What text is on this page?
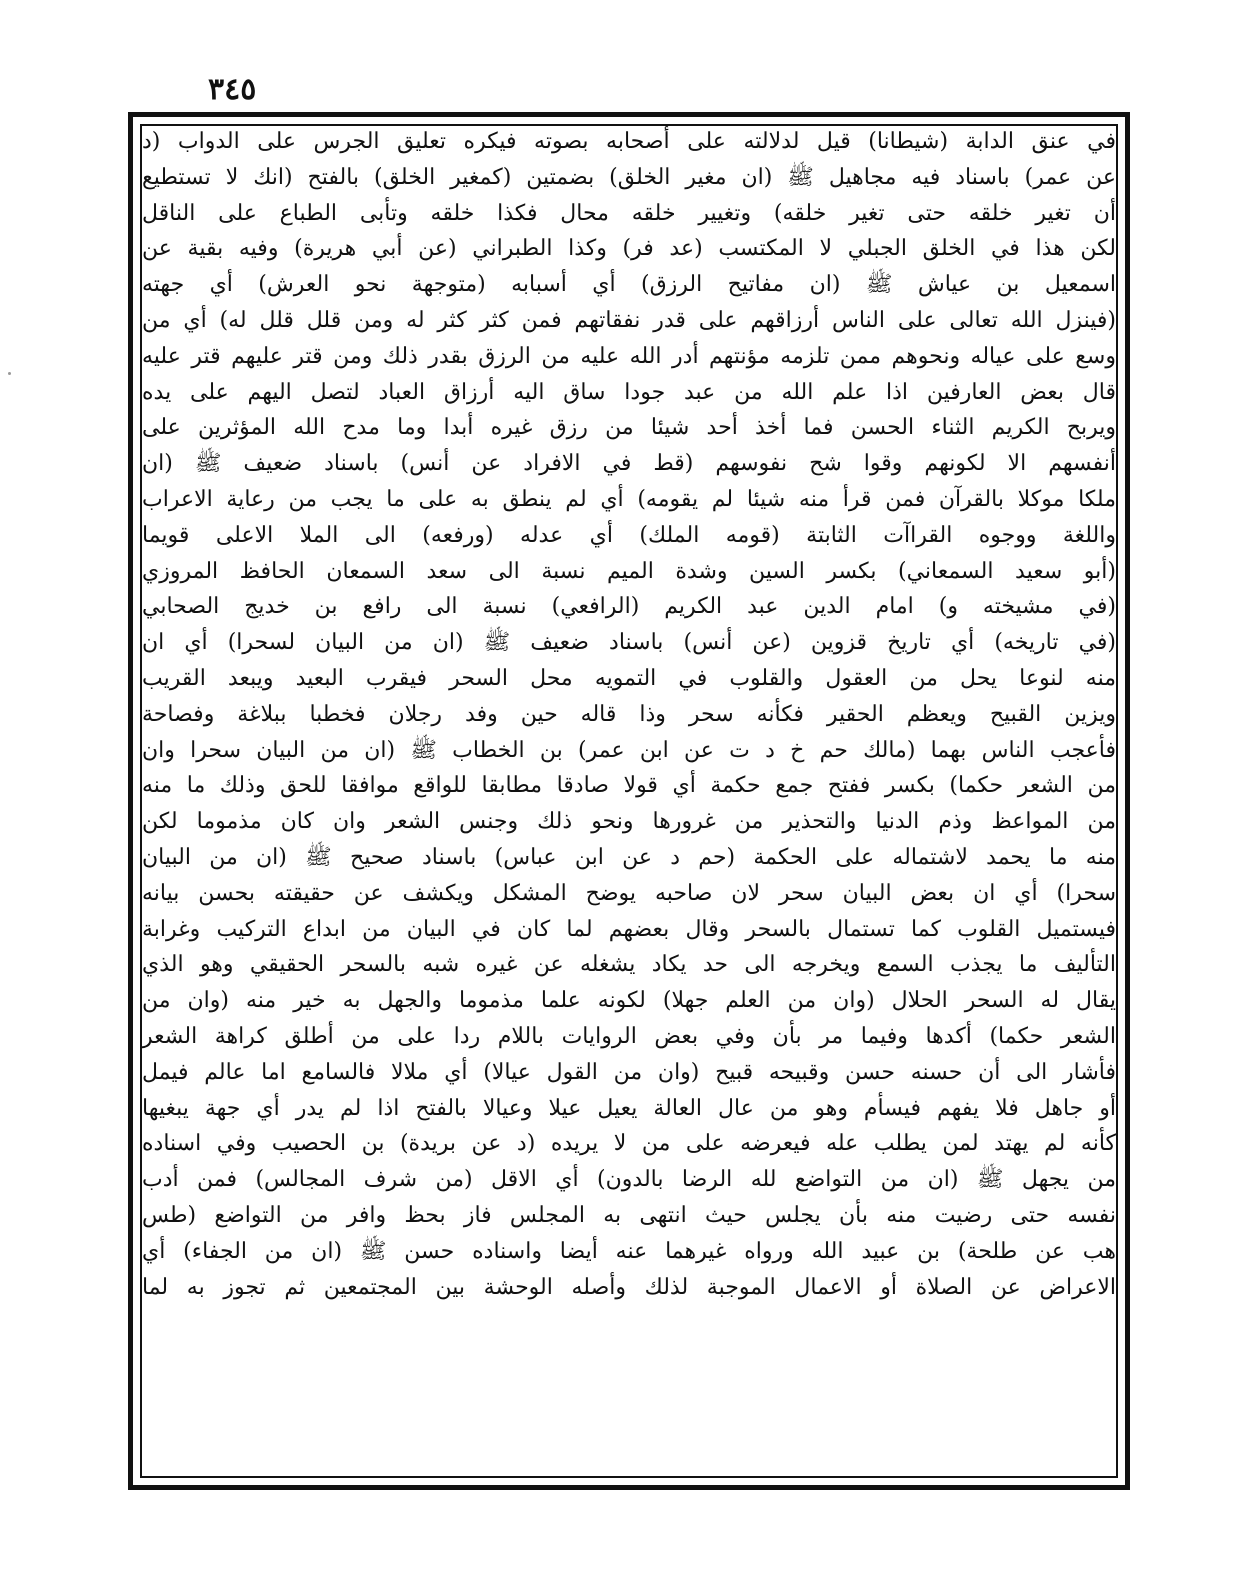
٣٤٥
في عنق الدابة (شيطانا) قيل لدلالته على أصحابه بصوته فيكره تعليق الجرس على الدواب (د
عن عمر) باسناد فيه مجاهيل ﷺ (ان مغير الخلق) بضمتين (كمغير الخلق) بالفتح (انك لا تستطيع
أن تغير خلقه حتى تغير خلقه) وتغيير خلقه محال فكذا خلقه وتأبى الطباع على الناقل
لكن هذا في الخلق الجبلي لا المكتسب (عد فر) وكذا الطبراني (عن أبي هريرة) وفيه بقية عن
اسمعيل بن عياش ﷺ (ان مفاتيح الرزق) أي أسبابه (متوجهة نحو العرش) أي جهته
(فينزل الله تعالى على الناس أرزاقهم على قدر نفقاتهم فمن كثر كثر له ومن قلل قلل له) أي من
وسع على عياله ونحوهم ممن تلزمه مؤنتهم أدر الله عليه من الرزق بقدر ذلك ومن قتر عليهم قتر عليه
قال بعض العارفين اذا علم الله من عبد جودا ساق اليه أرزاق العباد لتصل اليهم على يده
ويربح الكريم الثناء الحسن فما أخذ أحد شيئا من رزق غيره أبدا وما مدح الله المؤثرين على
أنفسهم الا لكونهم وقوا شح نفوسهم (قط في الافراد عن أنس) باسناد ضعيف ﷺ (ان
ملكا موكلا بالقرآن فمن قرأ منه شيئا لم يقومه) أي لم ينطق به على ما يجب من رعاية الاعراب
واللغة ووجوه القراآت الثابتة (قومه الملك) أي عدله (ورفعه) الى الملا الاعلى قويما
(أبو سعيد السمعاني) بكسر السين وشدة الميم نسبة الى سعد السمعان الحافظ المروزي
(في مشيخته و) امام الدين عبد الكريم (الرافعي) نسبة الى رافع بن خديج الصحابي
(في تاريخه) أي تاريخ قزوين (عن أنس) باسناد ضعيف ﷺ (ان من البيان لسحرا) أي ان
منه لنوعا يحل من العقول والقلوب في التمويه محل السحر فيقرب البعيد ويبعد القريب
ويزين القبيح ويعظم الحقير فكأنه سحر وذا قاله حين وفد رجلان فخطبا ببلاغة وفصاحة
فأعجب الناس بهما (مالك حم خ د ت عن ابن عمر) بن الخطاب ﷺ (ان من البيان سحرا وان
من الشعر حكما) بكسر ففتح جمع حكمة أي قولا صادقا مطابقا للواقع موافقا للحق وذلك ما منه
من المواعظ وذم الدنيا والتحذير من غرورها ونحو ذلك وجنس الشعر وان كان مذموما لكن
منه ما يحمد لاشتماله على الحكمة (حم د عن ابن عباس) باسناد صحيح ﷺ (ان من البيان
سحرا) أي ان بعض البيان سحر لان صاحبه يوضح المشكل ويكشف عن حقيقته بحسن بيانه
فيستميل القلوب كما تستمال بالسحر وقال بعضهم لما كان في البيان من ابداع التركيب وغرابة
التأليف ما يجذب السمع ويخرجه الى حد يكاد يشغله عن غيره شبه بالسحر الحقيقي وهو الذي
يقال له السحر الحلال (وان من العلم جهلا) لكونه علما مذموما والجهل به خير منه (وان من
الشعر حكما) أكدها وفيما مر بأن وفي بعض الروايات باللام ردا على من أطلق كراهة الشعر
فأشار الى أن حسنه حسن وقبيحه قبيح (وان من القول عيالا) أي ملالا فالسامع اما عالم فيمل
أو جاهل فلا يفهم فيسأم وهو من عال العالة يعيل عيلا وعيالا بالفتح اذا لم يدر أي جهة يبغيها
كأنه لم يهتد لمن يطلب عله فيعرضه على من لا يريده (د عن بريدة) بن الحصيب وفي اسناده
من يجهل ﷺ (ان من التواضع لله الرضا بالدون) أي الاقل (من شرف المجالس) فمن أدب
نفسه حتى رضيت منه بأن يجلس حيث انتهى به المجلس فاز بحظ وافر من التواضع (طس
هب عن طلحة) بن عبيد الله ورواه غيرهما عنه أيضا واسناده حسن ﷺ (ان من الجفاء) أي
الاعراض عن الصلاة أو الاعمال الموجبة لذلك وأصله الوحشة بين المجتمعين ثم تجوز به لما
